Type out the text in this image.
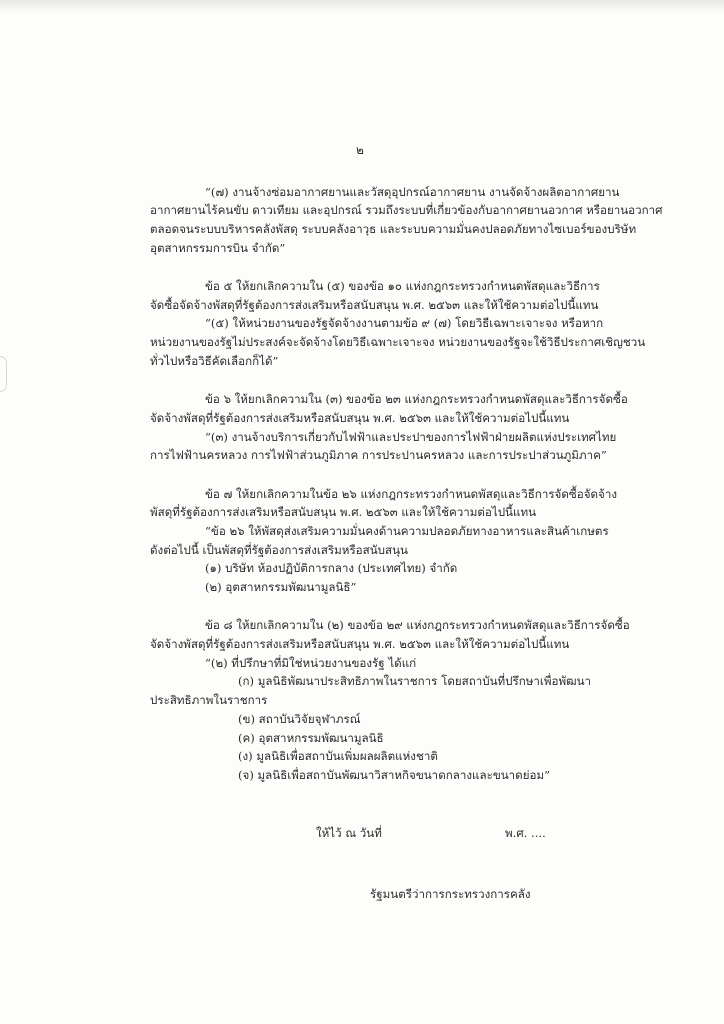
๒
“(๗) งานจ้างซ่อมอากาศยานและวัสดุอุปกรณ์อากาศยาน งานจัดจ้างผลิตอากาศยาน
อากาศยานไร้คนขับ ดาวเทียม และอุปกรณ์ รวมถึงระบบที่เกี่ยวข้องกับอากาศยานอวกาศ หรือยานอวกาศ
ตลอดจนระบบบริหารคลังพัสดุ ระบบคลังอาวุธ และระบบความมั่นคงปลอดภัยทางไซเบอร์ของบริษัท
อุตสาหกรรมการบิน จำกัด”
ข้อ ๕ ให้ยกเลิกความใน (๕) ของข้อ ๑๐ แห่งกฎกระทรวงกำหนดพัสดุและวิธีการ
จัดซื้อจัดจ้างพัสดุที่รัฐต้องการส่งเสริมหรือสนับสนุน พ.ศ. ๒๕๖๓ และให้ใช้ความต่อไปนี้แทน
“(๕) ให้หน่วยงานของรัฐจัดจ้างงานตามข้อ ๙ (๗) โดยวิธีเฉพาะเจาะจง หรือหาก
หน่วยงานของรัฐไม่ประสงค์จะจัดจ้างโดยวิธีเฉพาะเจาะจง หน่วยงานของรัฐจะใช้วิธีประกาศเชิญชวน
ทั่วไปหรือวิธีคัดเลือกก็ได้”
ข้อ ๖ ให้ยกเลิกความใน (๓) ของข้อ ๒๓ แห่งกฎกระทรวงกำหนดพัสดุและวิธีการจัดซื้อ
จัดจ้างพัสดุที่รัฐต้องการส่งเสริมหรือสนับสนุน พ.ศ. ๒๕๖๓ และให้ใช้ความต่อไปนี้แทน
“(๓) งานจ้างบริการเกี่ยวกับไฟฟ้าและประปาของการไฟฟ้าฝ่ายผลิตแห่งประเทศไทย
การไฟฟ้านครหลวง การไฟฟ้าส่วนภูมิภาค การประปานครหลวง และการประปาส่วนภูมิภาค”
ข้อ ๗ ให้ยกเลิกความในข้อ ๒๖ แห่งกฎกระทรวงกำหนดพัสดุและวิธีการจัดซื้อจัดจ้าง
พัสดุที่รัฐต้องการส่งเสริมหรือสนับสนุน พ.ศ. ๒๕๖๓ และให้ใช้ความต่อไปนี้แทน
“ข้อ ๒๖ ให้พัสดุส่งเสริมความมั่นคงด้านความปลอดภัยทางอาหารและสินค้าเกษตร
ดังต่อไปนี้ เป็นพัสดุที่รัฐต้องการส่งเสริมหรือสนับสนุน
(๑) บริษัท ห้องปฏิบัติการกลาง (ประเทศไทย) จำกัด
(๒) อุตสาหกรรมพัฒนามูลนิธิ”
ข้อ ๘ ให้ยกเลิกความใน (๒) ของข้อ ๒๙ แห่งกฎกระทรวงกำหนดพัสดุและวิธีการจัดซื้อ
จัดจ้างพัสดุที่รัฐต้องการส่งเสริมหรือสนับสนุน พ.ศ. ๒๕๖๓ และให้ใช้ความต่อไปนี้แทน
“(๒) ที่ปรึกษาที่มิใช่หน่วยงานของรัฐ ได้แก่
(ก) มูลนิธิพัฒนาประสิทธิภาพในราชการ โดยสถาบันที่ปรึกษาเพื่อพัฒนา
ประสิทธิภาพในราชการ
(ข) สถาบันวิจัยจุฬาภรณ์
(ค) อุตสาหกรรมพัฒนามูลนิธิ
(ง) มูลนิธิเพื่อสถาบันเพิ่มผลผลิตแห่งชาติ
(จ) มูลนิธิเพื่อสถาบันพัฒนาวิสาหกิจขนาดกลางและขนาดย่อม”
ให้ไว้ ณ วันที่	พ.ศ. ....
รัฐมนตรีว่าการกระทรวงการคลัง
